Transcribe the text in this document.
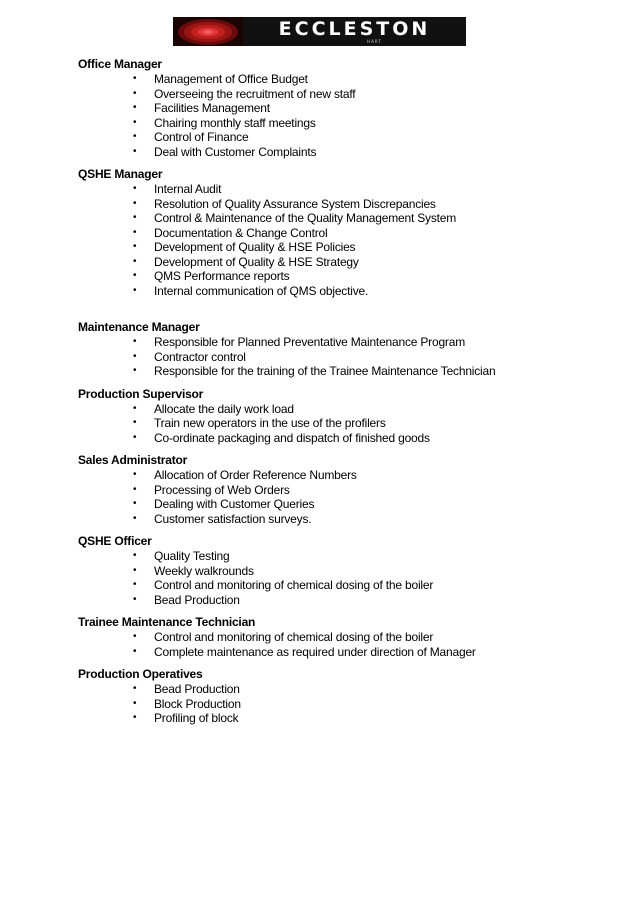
ECCLESTON
HART
Office Manager
• Management of Office Budget
• Overseeing the recruitment of new staff
• Facilities Management
• Chairing monthly staff meetings
• Control of Finance
• Deal with Customer Complaints
QSHE Manager
• Internal Audit
• Resolution of Quality Assurance System Discrepancies
• Control & Maintenance of the Quality Management System
• Documentation & Change Control
• Development of Quality & HSE Policies
• Development of Quality & HSE Strategy
• QMS Performance reports
• Internal communication of QMS objective.
Maintenance Manager
• Responsible for Planned Preventative Maintenance Program
• Contractor control
• Responsible for the training of the Trainee Maintenance Technician
Production Supervisor
• Allocate the daily work load
• Train new operators in the use of the profilers
• Co-ordinate packaging and dispatch of finished goods
Sales Administrator
• Allocation of Order Reference Numbers
• Processing of Web Orders
• Dealing with Customer Queries
• Customer satisfaction surveys.
QSHE Officer
• Quality Testing
• Weekly walkrounds
• Control and monitoring of chemical dosing of the boiler
• Bead Production
Trainee Maintenance Technician
• Control and monitoring of chemical dosing of the boiler
• Complete maintenance as required under direction of Manager
Production Operatives
• Bead Production
• Block Production
• Profiling of block
